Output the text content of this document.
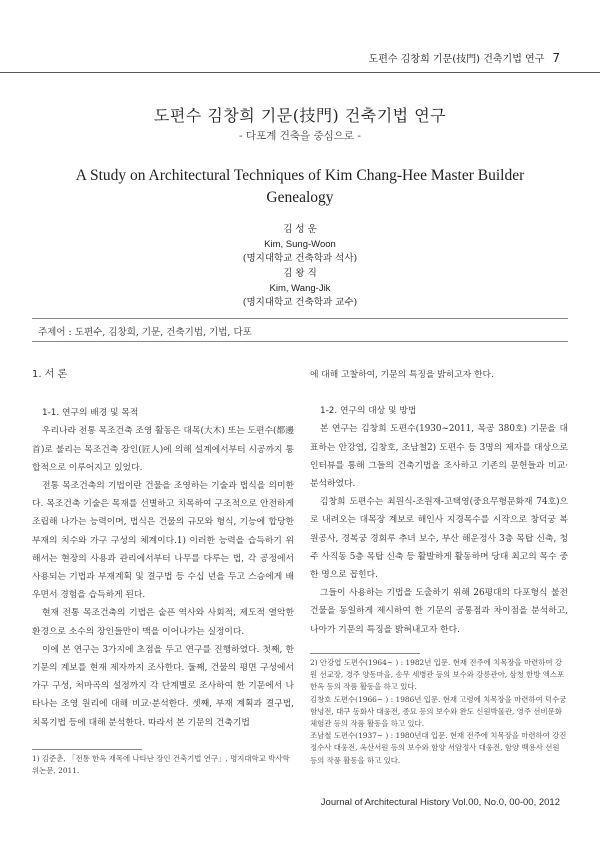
도편수 김창희 기문(技門) 건축기법 연구 7
도편수 김창희 기문(技門) 건축기법 연구
- 다포계 건축을 중심으로 -
A Study on Architectural Techniques of Kim Chang-Hee Master Builder
Genealogy
김 성 운
Kim, Sung-Woon
(명지대학교 건축학과 석사)
김 왕 직
Kim, Wang-Jik
(명지대학교 건축학과 교수)
주제어 : 도편수, 김창희, 기문, 건축기법, 기법, 다포
1. 서 론
1-1. 연구의 배경 및 목적

우리나라 전통 목조건축 조영 활동은 대목(大木) 또는 도편수(都邊首)로 불리는 목조건축 장인(匠人)에 의해 설계에서부터 시공까지 통합적으로 이루어지고 있었다.

전통 목조건축의 기법이란 건물을 조영하는 기술과 법식을 의미한다. 목조건축 기술은 목재를 선별하고 치목하여 구조적으로 안전하게 조립해 나가는 능력이며, 법식은 건물의 규모와 형식, 기능에 합당한 부재의 치수와 가구 구성의 체계이다.1) 이러한 능력을 습득하기 위해서는 현장의 사용과 관리에서부터 나무를 다루는 법, 각 공정에서 사용되는 기법과 부재계획 및 결구법 등 수십 년을 두고 스승에게 배우면서 경험을 습득하게 된다.

현재 전통 목조건축의 기법은 숱픈 역사와 사회적, 제도적 열악한 환경으로 소수의 장인들만이 맥을 이어나가는 실정이다.

이에 본 연구는 3가지에 초점을 두고 연구를 진행하였다. 첫째, 한 기문의 계보를 현재 제자까지 조사한다. 둘째, 건물의 평면 구성에서 가구 구성, 처마곡의 설정까지 각 단계별로 조사하여 한 기문에서 나타나는 조영 원리에 대해 비교·분석한다. 셋째, 부재 계획과 결구법, 치목기법 등에 대해 분석한다. 따라서 본 기문의 건축기법

1) 김준춘, 「전통 한옥 재목에 나타난 장인 건축기법 연구」, 명지대학교 박사학위논문, 2011.

에 대해 고찰하여, 기문의 특징을 밝히고자 한다.

1-2. 연구의 대상 및 방법

본 연구는 김창희 도편수(1930~2011, 목공 380호) 기문을 대표하는 안강엽, 김창호, 조남철2) 도편수 등 3명의 제자를 대상으로 인터뷰를 통해 그들의 건축기법을 조사하고 기존의 문헌들과 비교·분석하였다.

김창희 도편수는 최원식-조원재-고택영(중요무형문화재 74호)으로 내려오는 대목장 계보로 해인사 지경목수를 시작으로 창덕궁 복원공사, 경복궁 경회루 추녀 보수, 부산 해운정사 3층 목탑 신축, 청주 사직동 5층 목탑 신축 등 활발하게 활동하며 당대 최고의 목수 중 한 명으로 꼽힌다.

그들이 사용하는 기법을 도출하기 위해 26평대의 다포형식 불전 건물을 동일하게 제시하여 한 기문의 공통점과 차이점을 분석하고, 나아가 기문의 특징을 밝혀내고자 한다.

2) 안강엽 도편수(1964~ ) : 1982년 입문. 현재 진주에 치목장을 마련하여 강원 선교장, 경주 양동마을, 송무 세병관 등의 보수와 강릉관아, 삼청 한방 엑스포 한옥 등의 작품 활동을 하고 있다.
김창호 도편수(1966~ ) : 1986년 입문. 현재 고령에 치목장을 마련하여 덕수궁 함녕전, 대구 동화사 대웅전, 종묘 등의 보수와 완도 신원박물관, 영주 선비문화체험관 등의 작품 활동을 하고 있다.
조남철 도편수(1937~ ) : 1980년대 입문. 현재 전주에 치목장을 마련하여 강진 정수사 대웅전, 옥산서원 등의 보수와 함양 서암정사 대웅전, 함양 백용사 선원 등의 작품 활동을 하고 있다.
Journal of Architectural History Vol.00, No.0, 00-00, 2012
